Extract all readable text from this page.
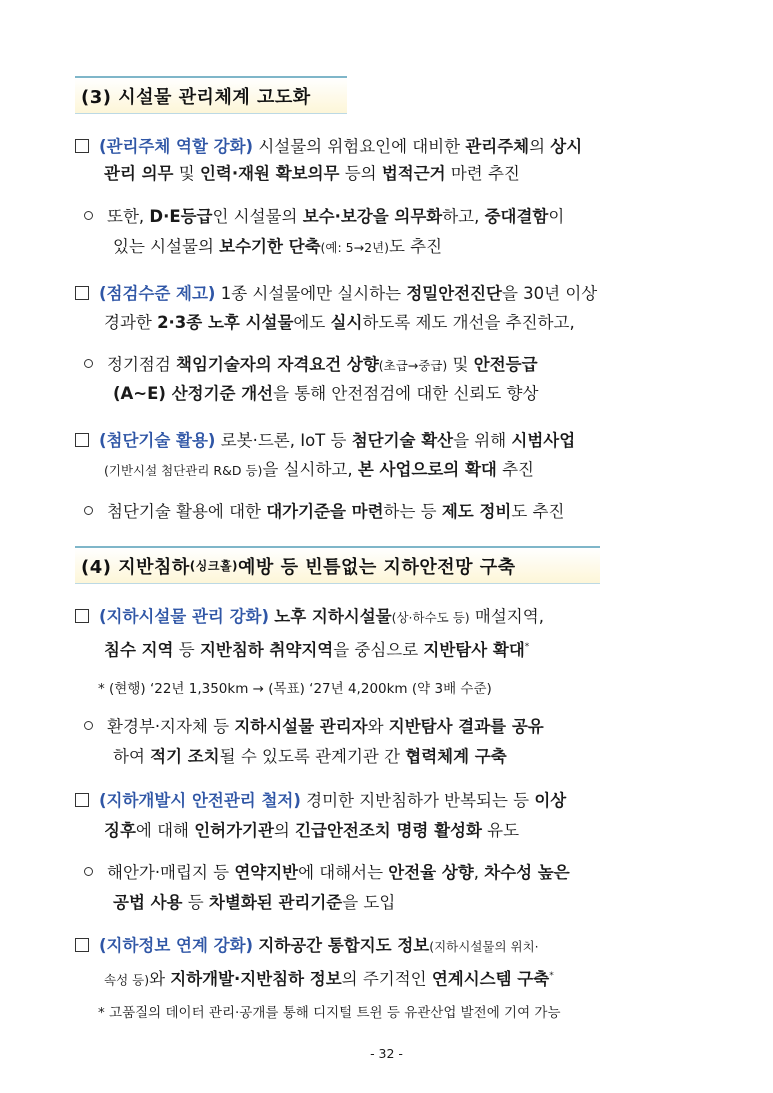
(3) 시설물 관리체계 고도화
(4) 지반침하 (싱크홀) 예방 등 빈틈없는 지하안전망 구축
(관리주체 역할 강화) 시설물의 위험요인에 대비한 관리주체의 상시
관리 의무 및 인력·재원 확보의무 등의 법적근거 마련 추진
또한, D·E등급인 시설물의 보수·보강을 의무화하고, 중대결함이
있는 시설물의 보수기한 단축(예: 5→2년)도 추진
(점검수준 제고) 1종 시설물에만 실시하는 정밀안전진단을 30년 이상
경과한 2·3종 노후 시설물에도 실시하도록 제도 개선을 추진하고,
정기점검 책임기술자의 자격요건 상향(초급→중급) 및 안전등급
(A~E) 산정기준 개선을 통해 안전점검에 대한 신뢰도 향상
(첨단기술 활용) 로봇·드론, IoT 등 첨단기술 확산을 위해 시범사업
(기반시설 첨단관리 R&D 등)을 실시하고, 본 사업으로의 확대 추진
첨단기술 활용에 대한 대가기준을 마련하는 등 제도 정비도 추진
(지하시설물 관리 강화) 노후 지하시설물(상·하수도 등) 매설지역,
침수 지역 등 지반침하 취약지역을 중심으로 지반탐사 확대*
* (현행) ‘22년 1,350km → (목표) ‘27년 4,200km (약 3배 수준)
환경부·지자체 등 지하시설물 관리자와 지반탐사 결과를 공유
하여 적기 조치될 수 있도록 관계기관 간 협력체계 구축
(지하개발시 안전관리 철저) 경미한 지반침하가 반복되는 등 이상
징후에 대해 인허가기관의 긴급안전조치 명령 활성화 유도
해안가·매립지 등 연약지반에 대해서는 안전율 상향, 차수성 높은
공법 사용 등 차별화된 관리기준을 도입
(지하정보 연계 강화) 지하공간 통합지도 정보(지하시설물의 위치·
속성 등)와 지하개발·지반침하 정보의 주기적인 연계시스템 구축*
* 고품질의 데이터 관리·공개를 통해 디지털 트윈 등 유관산업 발전에 기여 가능
- 32 -
